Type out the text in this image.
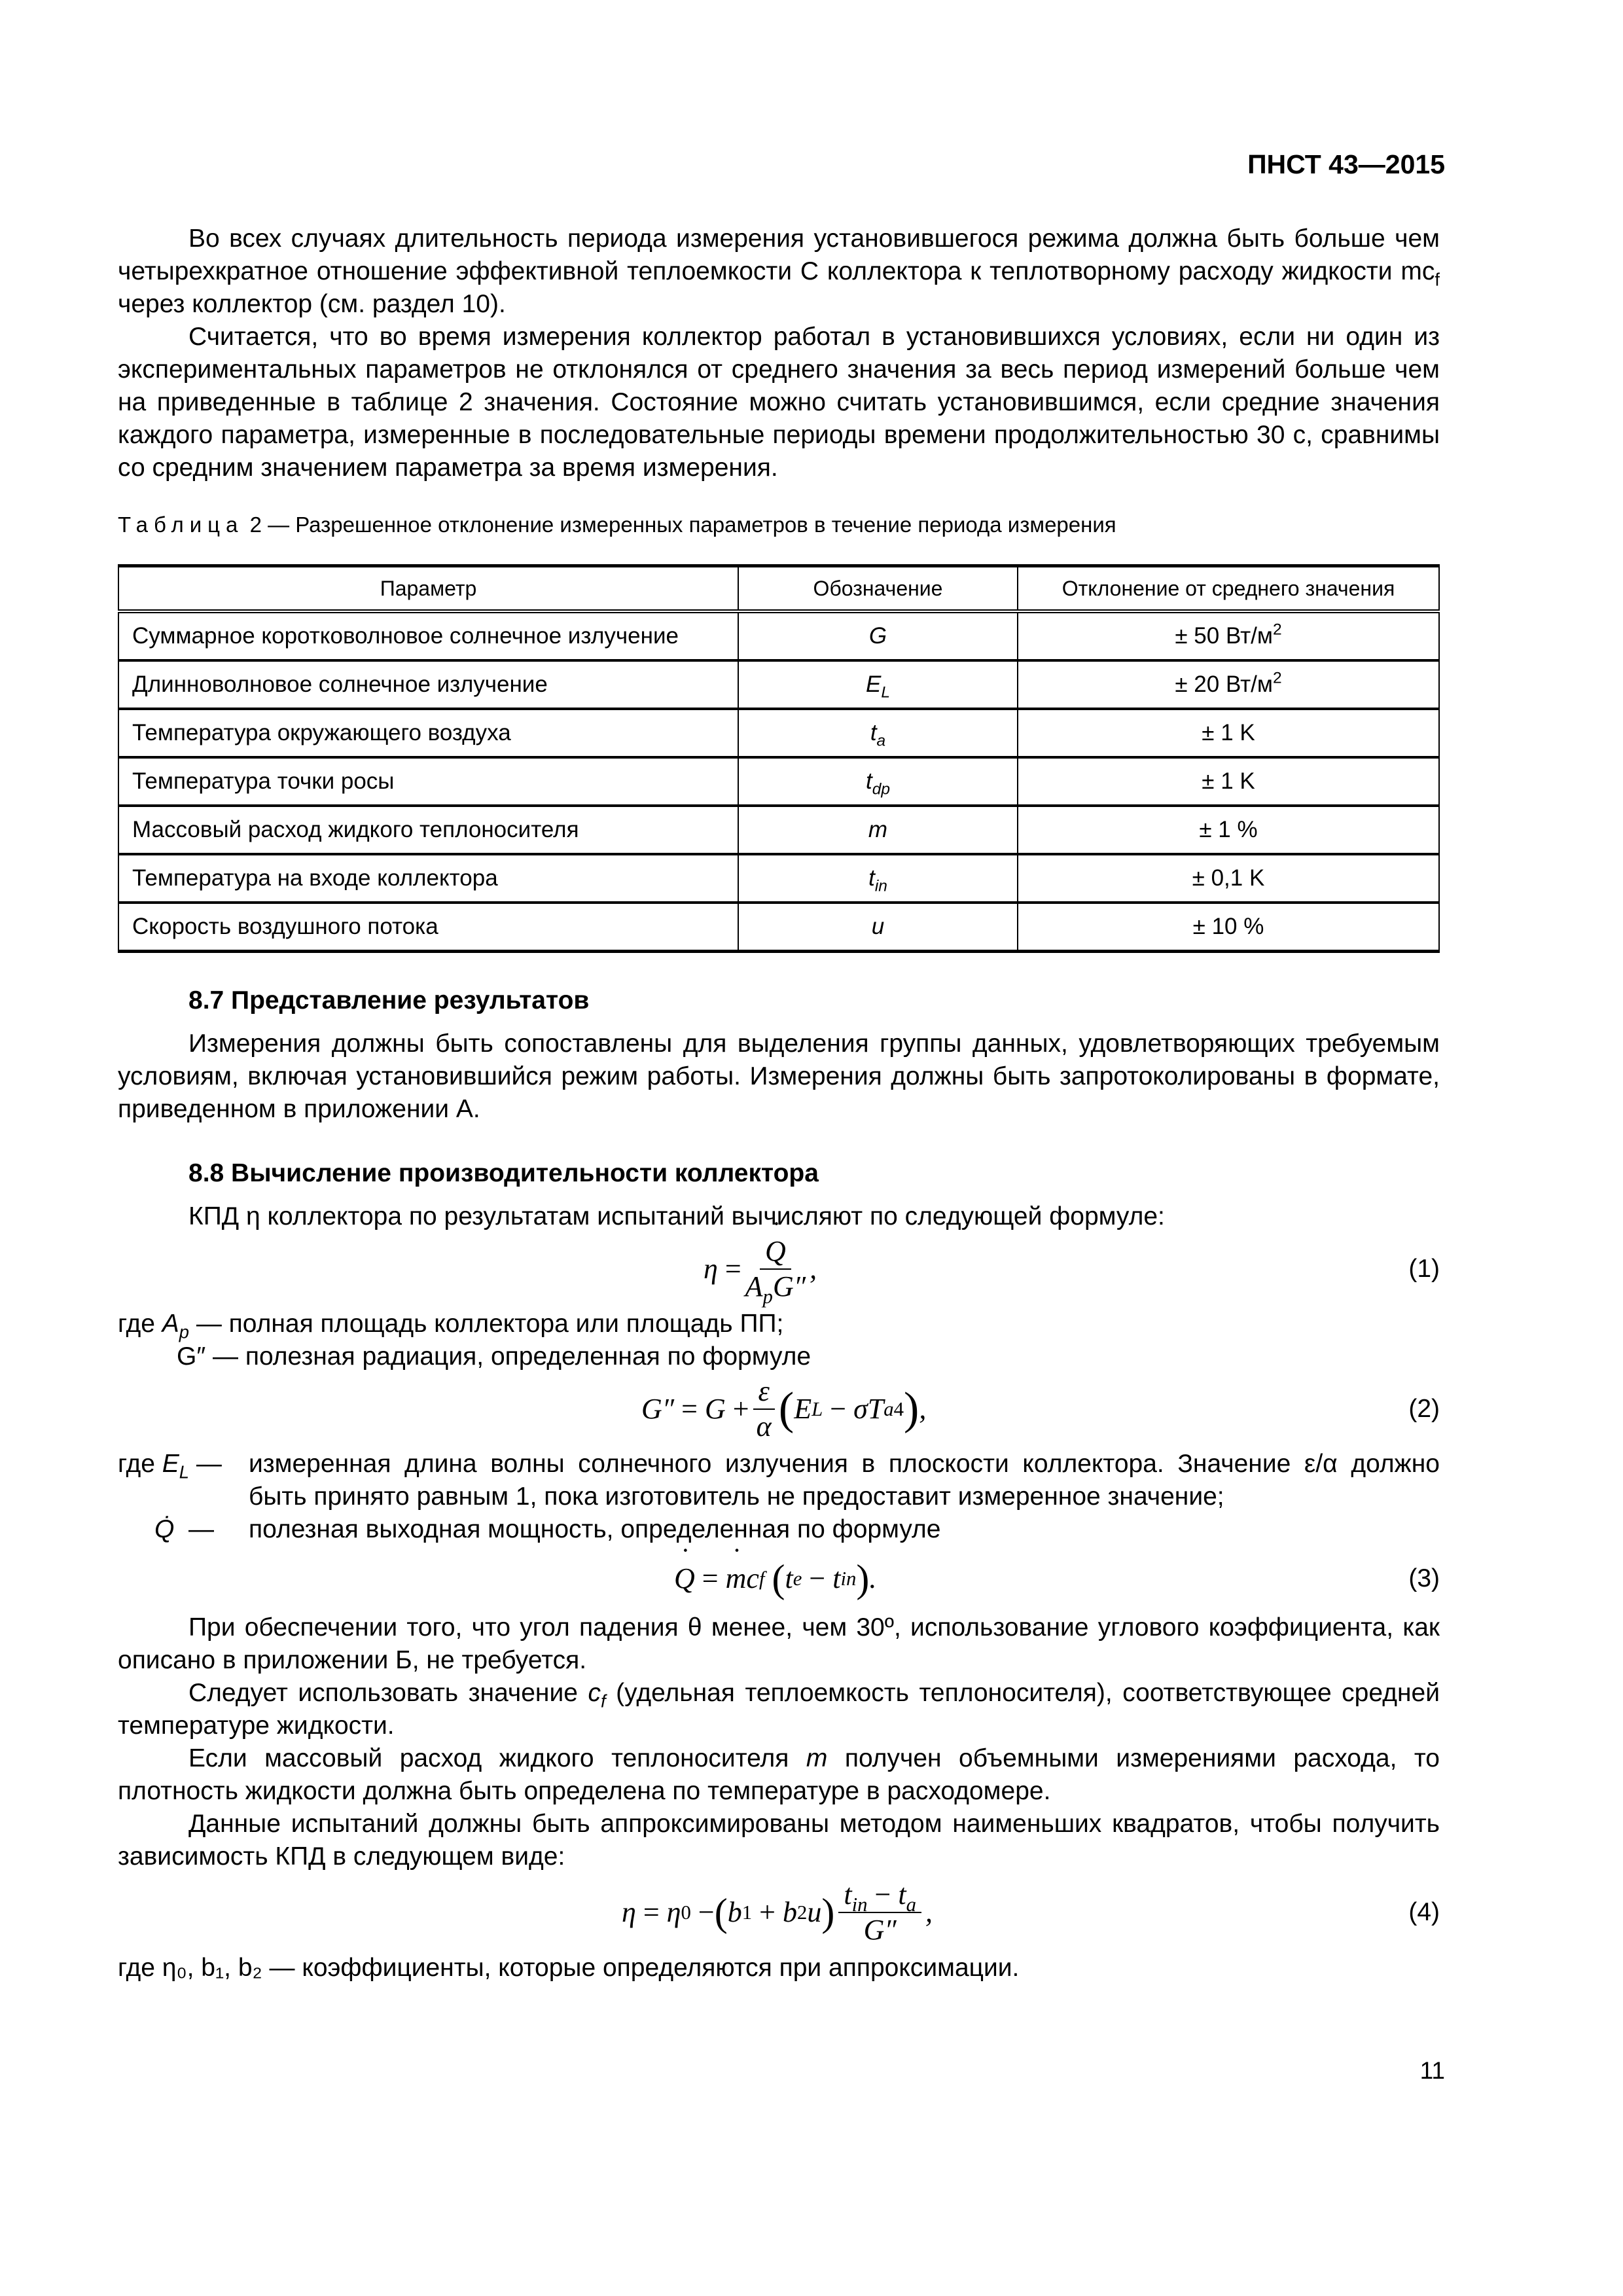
ПНСТ 43—2015

Во всех случаях длительность периода измерения установившегося режима должна быть больше чем четырехкратное отношение эффективной теплоемкости C коллектора к теплотворному расходу жидкости $mc_f$ через коллектор (см. раздел 10).

Считается, что во время измерения коллектор работал в установившихся условиях, если ни один из экспериментальных параметров не отклонялся от среднего значения за весь период измерений больше чем на приведенные в таблице 2 значения. Состояние можно считать установившимся, если средние значения каждого параметра, измеренные в последовательные периоды времени продолжительностью 30 с, сравнимы со средним значением параметра за время измерения.

Таблица 2 — Разрешенное отклонение измеренных параметров в течение периода измерения
Параметр	Обозначение	Отклонение от среднего значения
Суммарное коротковолновое солнечное излучение	G	± 50 $Вт/м^2$
Длинноволновое солнечное излучение	$E_L$	± 20 $Вт/м^2$
Температура окружающего воздуха	$t_a$	± 1 K
Температура точки росы	$t_{dp}$	± 1 K
Массовый расход жидкого теплоносителя	m	± 1 %
Температура на входе коллектора	$t_{in}$	± 0,1 K
Скорость воздушного потока	u	± 10 %
8.7 Представление результатов

Измерения должны быть сопоставлены для выделения группы данных, удовлетворяющих требуемым условиям, включая установившийся режим работы. Измерения должны быть запротоколированы в формате, приведенном в приложении А.

8.8 Вычисление производительности коллектора

КПД η коллектора по результатам испытаний вычисляют по следующей формуле:

η
= ˙ $\frac{Q}{A_pG''}$ ,	(1)

где $A_p$ — полная площадь коллектора или площадь ПП;

G″ — полезная радиация, определенная по формуле

$G'' = G + \frac{\varepsilon}{\alpha}$ ( E L
− σT a 4 ) ,	(2)
где $E_L$ —	измеренная длина волны солнечного излучения в плоскости коллектора. Значение ε/α должно быть принято равным 1, пока изготовитель не предоставит измеренное значение;

Q̇ —	полезная выходная мощность, определенная по формуле

˙ Q
=
˙ m c f
( t e
− t in ) .	(3)

При обеспечении того, что угол падения θ менее, чем 30º, использование углового коэффициента, как описано в приложении Б, не требуется.

Следует использовать значение $c_f$ (удельная теплоемкость теплоносителя), соответствующее средней температуре жидкости.

Если массовый расход жидкого теплоносителя m получен объемными измерениями расхода, то плотность жидкости должна быть определена по температуре в расходомере.

Данные испытаний должны быть аппроксимированы методом наименьших квадратов, чтобы получить зависимость КПД в следующем виде:

η = η 0
− ( b 1
+ b 2 u ) $\frac{t_{in} - t_a}{G''}$ ,	(4)

где η₀, b₁, b₂ — коэффициенты, которые определяются при аппроксимации.

11
